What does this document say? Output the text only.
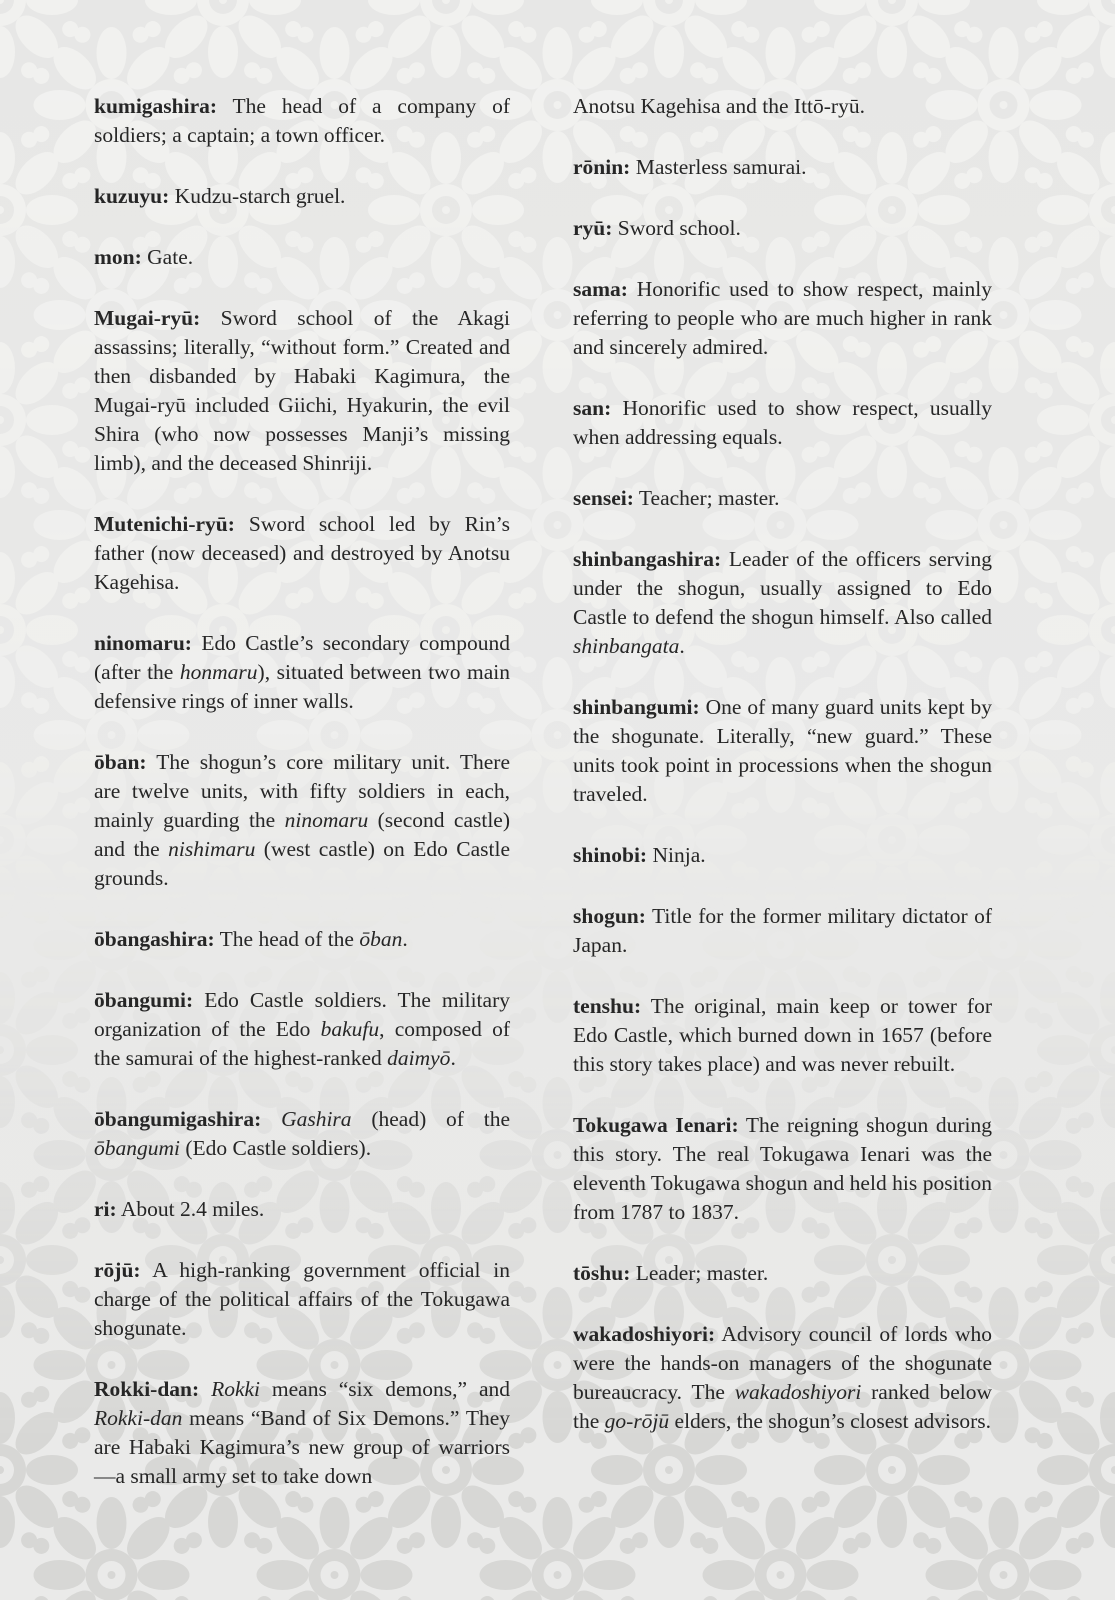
kumigashira: The head of a company of soldiers; a captain; a town officer.

kuzuyu: Kudzu-starch gruel.

mon: Gate.

Mugai-ryū: Sword school of the Akagi assassins; literally, “without form.” Created and then disbanded by Habaki Kagimura, the Mugai-ryū included Giichi, Hyakurin, the evil Shira (who now possesses Manji’s missing limb), and the deceased Shinriji.

Mutenichi-ryū: Sword school led by Rin’s father (now deceased) and destroyed by Anotsu Kagehisa.

ninomaru: Edo Castle’s secondary compound (after the honmaru), situated between two main defensive rings of inner walls.

ōban: The shogun’s core military unit. There are twelve units, with fifty soldiers in each, mainly guarding the ninomaru (second castle) and the nishimaru (west castle) on Edo Castle grounds.

ōbangashira: The head of the ōban.

ōbangumi: Edo Castle soldiers. The military organization of the Edo bakufu, composed of the samurai of the highest-ranked daimyō.

ōbangumigashira: Gashira (head) of the ōbangumi (Edo Castle soldiers).

ri: About 2.4 miles.

rōjū: A high-ranking government official in charge of the political affairs of the Tokugawa shogunate.

Rokki-dan: Rokki means “six demons,” and Rokki-dan means “Band of Six Demons.” They are Habaki Kagimura’s new group of warriors—a small army set to take down

Anotsu Kagehisa and the Ittō-ryū.

rōnin: Masterless samurai.

ryū: Sword school.

sama: Honorific used to show respect, mainly referring to people who are much higher in rank and sincerely admired.

san: Honorific used to show respect, usually when addressing equals.

sensei: Teacher; master.

shinbangashira: Leader of the officers serving under the shogun, usually assigned to Edo Castle to defend the shogun himself. Also called shinbangata.

shinbangumi: One of many guard units kept by the shogunate. Literally, “new guard.” These units took point in processions when the shogun traveled.

shinobi: Ninja.

shogun: Title for the former military dictator of Japan.

tenshu: The original, main keep or tower for Edo Castle, which burned down in 1657 (before this story takes place) and was never rebuilt.

Tokugawa Ienari: The reigning shogun during this story. The real Tokugawa Ienari was the eleventh Tokugawa shogun and held his position from 1787 to 1837.

tōshu: Leader; master.

wakadoshiyori: Advisory council of lords who were the hands-on managers of the shogunate bureaucracy. The wakadoshiyori ranked below the go-rōjū elders, the shogun’s closest advisors.
